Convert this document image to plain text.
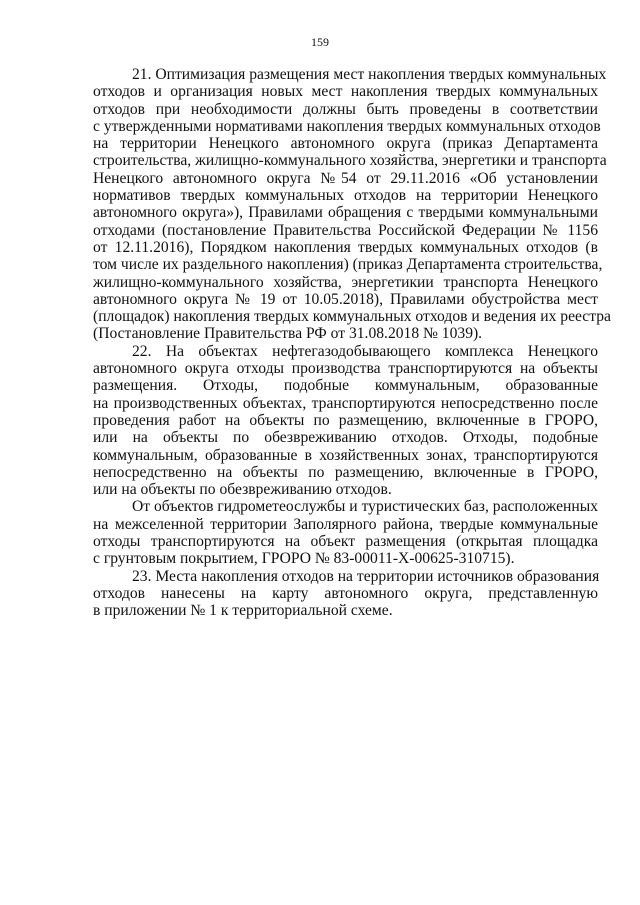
159
21. Оптимизация размещения мест накопления твердых коммунальных
отходов и организация новых мест накопления твердых коммунальных
отходов при необходимости должны быть проведены в соответствии
с утвержденными нормативами накопления твердых коммунальных отходов
на территории Ненецкого автономного округа (приказ Департамента
строительства, жилищно-коммунального хозяйства, энергетики и транспорта
Ненецкого автономного округа №54 от 29.11.2016 «Об установлении
нормативов твердых коммунальных отходов на территории Ненецкого
автономного округа»), Правилами обращения с твердыми коммунальными
отходами (постановление Правительства Российской Федерации № 1156
от 12.11.2016), Порядком накопления твердых коммунальных отходов (в
том числе их раздельного накопления) (приказ Департамента строительства,
жилищно-коммунального хозяйства, энергетикии транспорта Ненецкого
автономного округа № 19 от 10.05.2018), Правилами обустройства мест
(площадок) накопления твердых коммунальных отходов и ведения их реестра
(Постановление Правительства РФ от 31.08.2018 № 1039).
22. На объектах нефтегазодобывающего комплекса Ненецкого
автономного округа отходы производства транспортируются на объекты
размещения. Отходы, подобные коммунальным, образованные
на производственных объектах, транспортируются непосредственно после
проведения работ на объекты по размещению, включенные в ГРОРО,
или на объекты по обезвреживанию отходов. Отходы, подобные
коммунальным, образованные в хозяйственных зонах, транспортируются
непосредственно на объекты по размещению, включенные в ГРОРО,
или на объекты по обезвреживанию отходов.
От объектов гидрометеослужбы и туристических баз, расположенных
на межселенной территории Заполярного района, твердые коммунальные
отходы транспортируются на объект размещения (открытая площадка
с грунтовым покрытием, ГРОРО № 83-00011-Х-00625-310715).
23. Места накопления отходов на территории источников образования
отходов нанесены на карту автономного округа, представленную
в приложении № 1 к территориальной схеме.
